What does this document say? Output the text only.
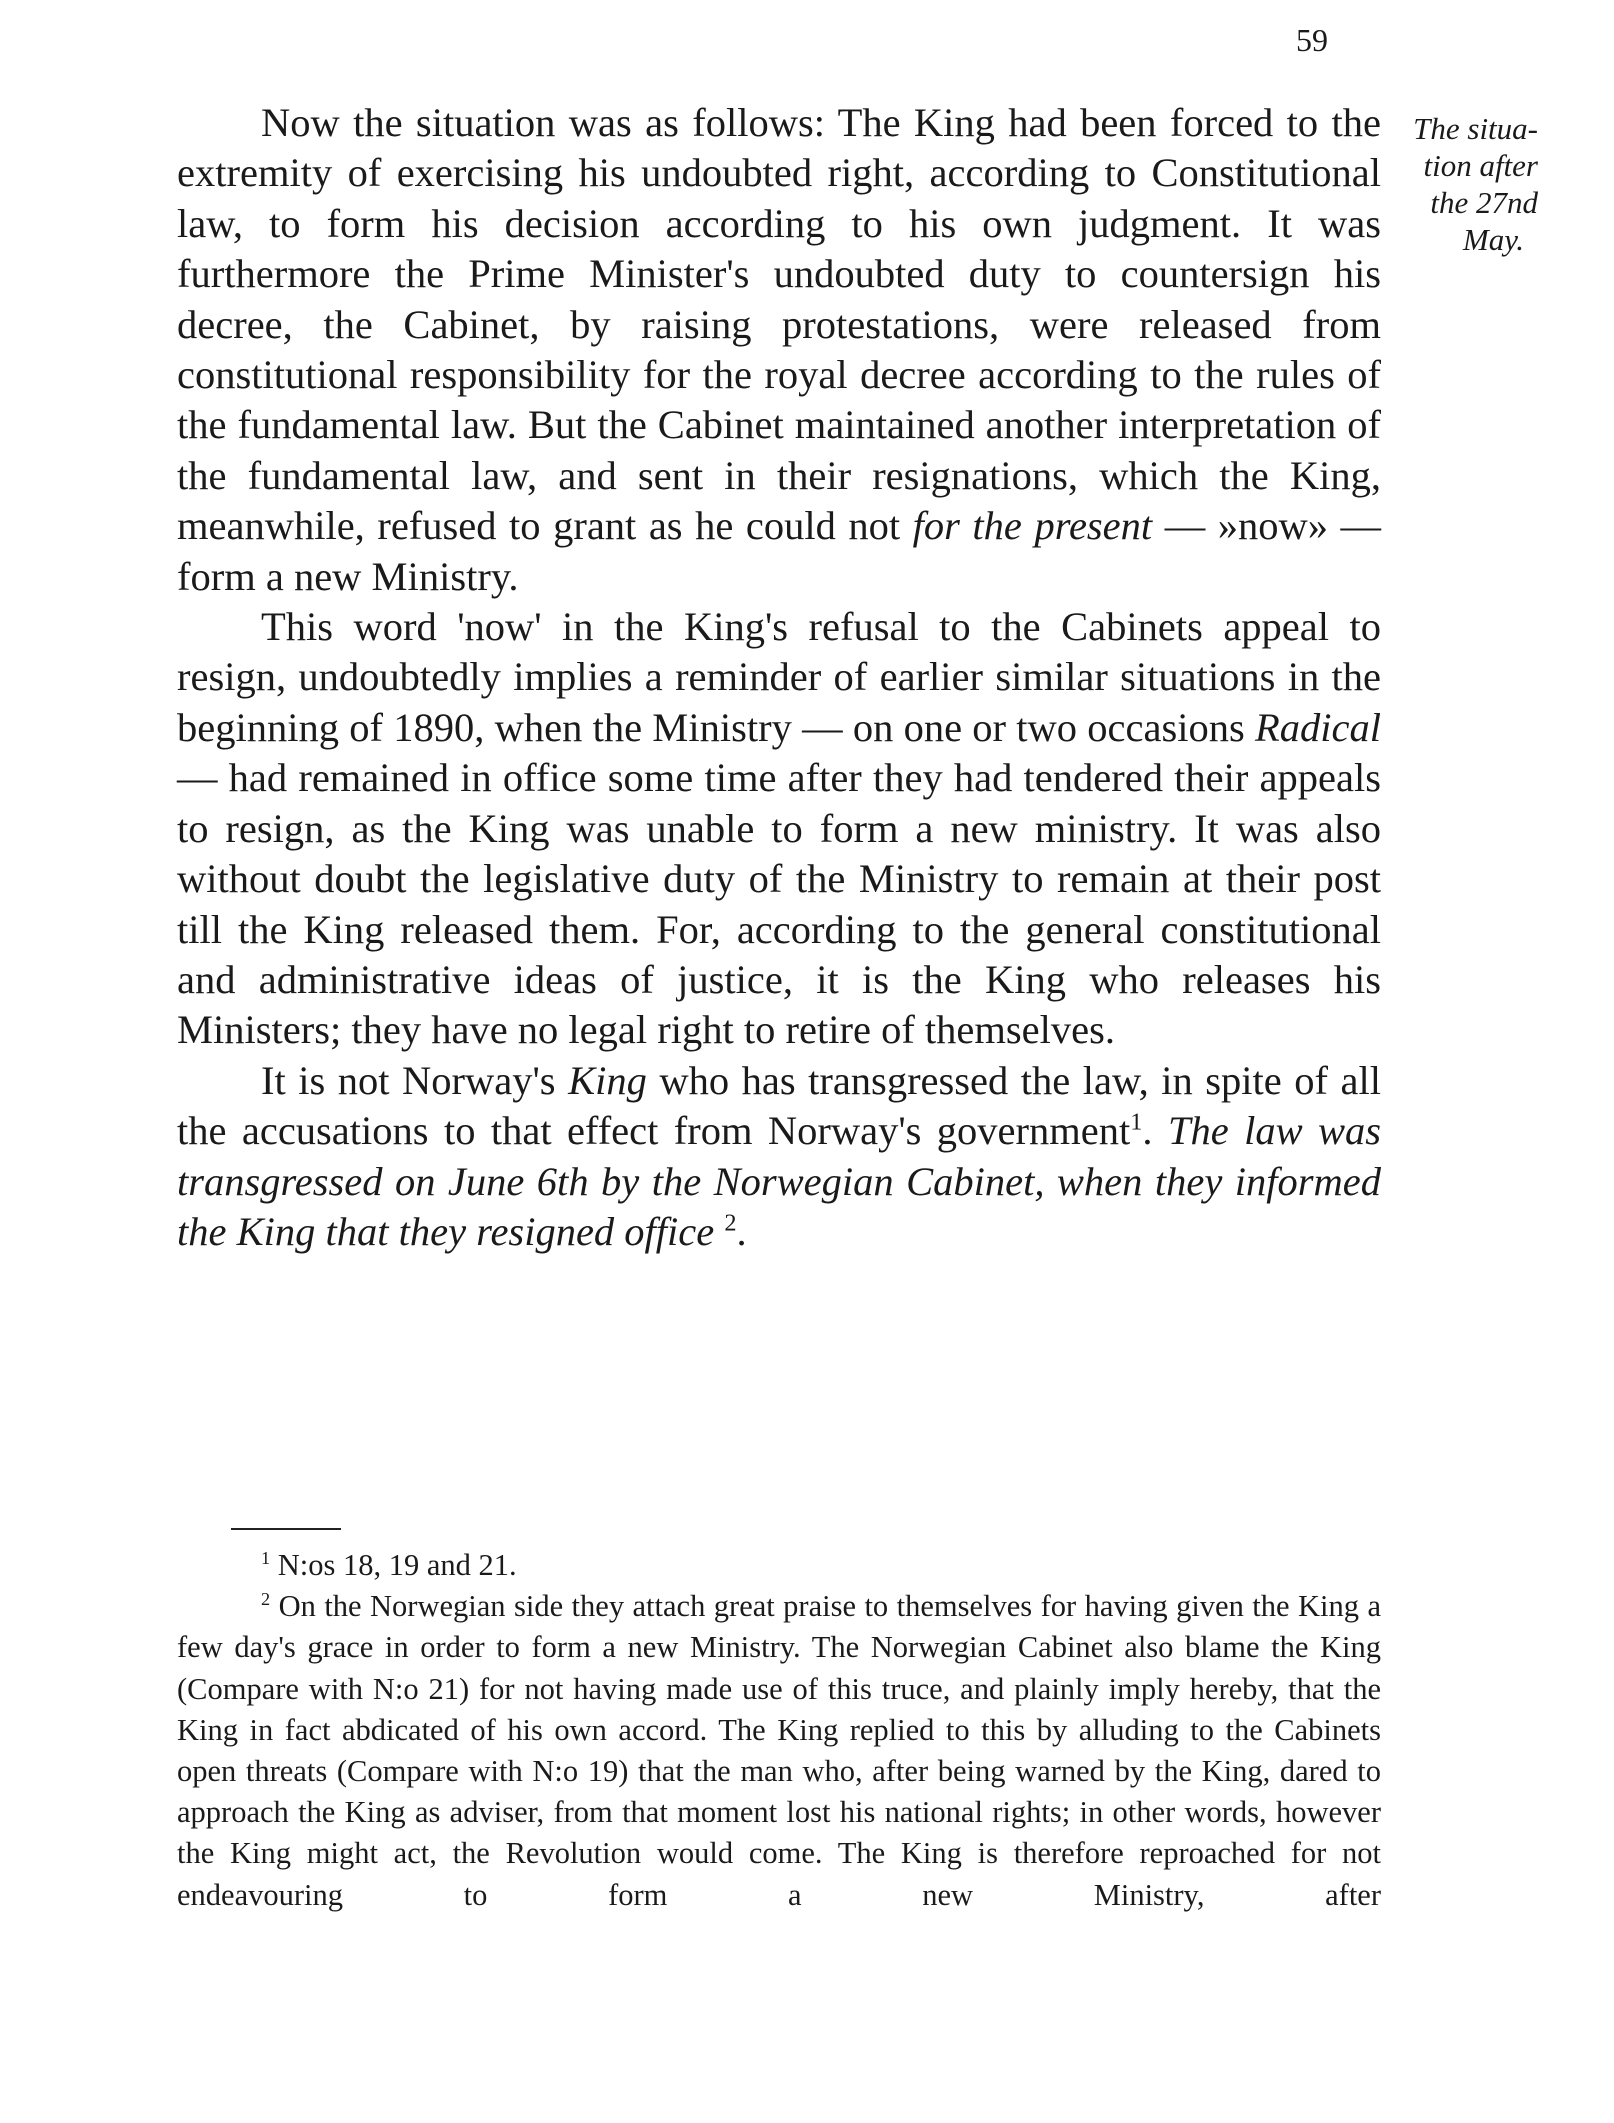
59
The situa-
tion after
the 27nd
May.

Now the situation was as follows: The King had been forced to the extremity of exercising his undoubted right, according to Constitutional law, to form his decision according to his own judgment. It was furthermore the Prime Minister's undoubted duty to countersign his decree, the Cabinet, by raising protestations, were released from constitutional responsibility for the royal decree according to the rules of the fundamental law. But the Cabinet maintained another interpretation of the fundamental law, and sent in their resignations, which the King, meanwhile, refused to grant as he could not for the present — »now» — form a new Ministry.

This word 'now' in the King's refusal to the Cabinets appeal to resign, undoubtedly implies a reminder of earlier similar situations in the beginning of 1890, when the Ministry — on one or two occasions Radical — had remained in office some time after they had tendered their appeals to resign, as the King was unable to form a new ministry. It was also without doubt the legislative duty of the Ministry to remain at their post till the King released them. For, according to the general constitutional and administrative ideas of justice, it is the King who releases his Ministers; they have no legal right to retire of themselves.

It is not Norway's King who has transgressed the law, in spite of all the accusations to that effect from Norway's government$^1$. The law was transgressed on June 6th by the Norwegian Cabinet, when they informed the King that they resigned office $^2$.

$^1$ N:os 18, 19 and 21.

$^2$ On the Norwegian side they attach great praise to themselves for having given the King a few day's grace in order to form a new Ministry. The Norwegian Cabinet also blame the King (Compare with N:o 21) for not having made use of this truce, and plainly imply hereby, that the King in fact abdicated of his own accord. The King replied to this by alluding to the Cabinets open threats (Compare with N:o 19) that the man who, after being warned by the King, dared to approach the King as adviser, from that moment lost his national rights; in other words, however the King might act, the Revolution would come. The King is therefore reproached for not endeavouring to form a new Ministry, after
